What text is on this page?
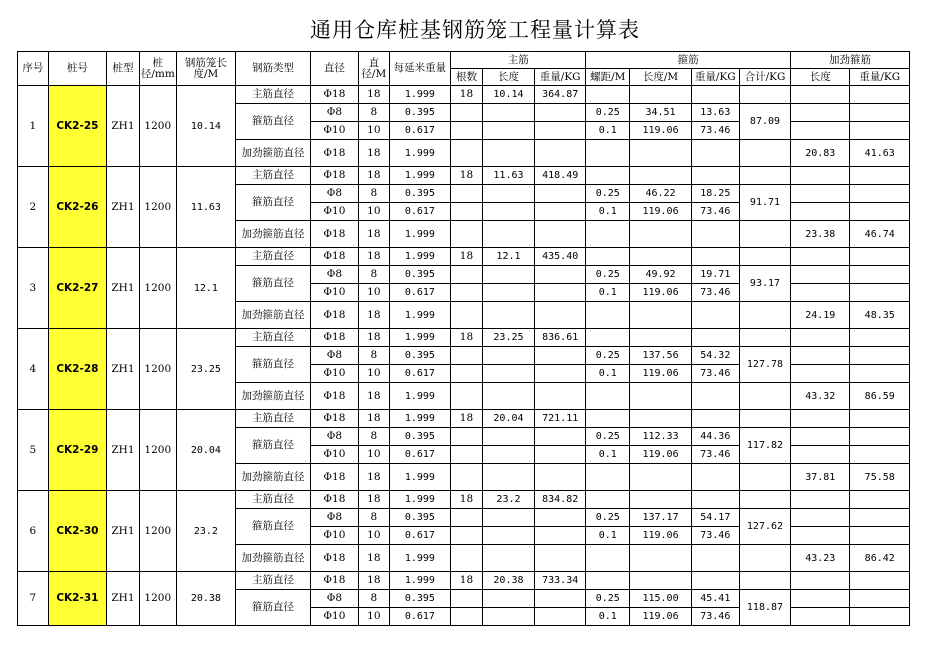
通用仓库桩基钢筋笼工程量计算表
序号	桩号	桩型	桩径/mm	钢筋笼长度/M	钢筋类型	直径	直径/M	每延米重量	主筋			箍筋				加劲箍筋	
									根数	长度	重量/KG	螺距/M	长度/M	重量/KG	合计/KG	长度	重量/KG
1	CK2-25	ZH1	1200	10.14	主筋直径	Φ18	18	1.999	18	10.14	364.87						
					箍筋直径	Φ8	8	0.395				0.25	34.51	13.63	87.09		
						Φ10	10	0.617				0.1	119.06	73.46			
					加劲箍筋直径	Φ18	18	1.999								20.83	41.63
2	CK2-26	ZH1	1200	11.63	主筋直径	Φ18	18	1.999	18	11.63	418.49						
					箍筋直径	Φ8	8	0.395				0.25	46.22	18.25	91.71		
						Φ10	10	0.617				0.1	119.06	73.46			
					加劲箍筋直径	Φ18	18	1.999								23.38	46.74
3	CK2-27	ZH1	1200	12.1	主筋直径	Φ18	18	1.999	18	12.1	435.40						
					箍筋直径	Φ8	8	0.395				0.25	49.92	19.71	93.17		
						Φ10	10	0.617				0.1	119.06	73.46			
					加劲箍筋直径	Φ18	18	1.999								24.19	48.35
4	CK2-28	ZH1	1200	23.25	主筋直径	Φ18	18	1.999	18	23.25	836.61						
					箍筋直径	Φ8	8	0.395				0.25	137.56	54.32	127.78		
						Φ10	10	0.617				0.1	119.06	73.46			
					加劲箍筋直径	Φ18	18	1.999								43.32	86.59
5	CK2-29	ZH1	1200	20.04	主筋直径	Φ18	18	1.999	18	20.04	721.11						
					箍筋直径	Φ8	8	0.395				0.25	112.33	44.36	117.82		
						Φ10	10	0.617				0.1	119.06	73.46			
					加劲箍筋直径	Φ18	18	1.999								37.81	75.58
6	CK2-30	ZH1	1200	23.2	主筋直径	Φ18	18	1.999	18	23.2	834.82						
					箍筋直径	Φ8	8	0.395				0.25	137.17	54.17	127.62		
						Φ10	10	0.617				0.1	119.06	73.46			
					加劲箍筋直径	Φ18	18	1.999								43.23	86.42
7	CK2-31	ZH1	1200	20.38	主筋直径	Φ18	18	1.999	18	20.38	733.34						
					箍筋直径	Φ8	8	0.395				0.25	115.00	45.41	118.87		
						Φ10	10	0.617				0.1	119.06	73.46			
